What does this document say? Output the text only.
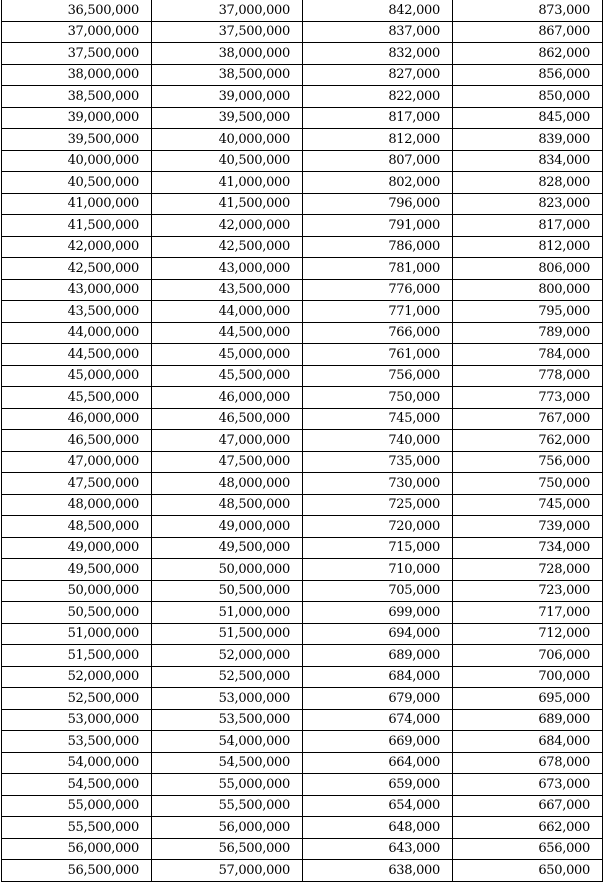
36,500,000	37,000,000	842,000	873,000
37,000,000	37,500,000	837,000	867,000
37,500,000	38,000,000	832,000	862,000
38,000,000	38,500,000	827,000	856,000
38,500,000	39,000,000	822,000	850,000
39,000,000	39,500,000	817,000	845,000
39,500,000	40,000,000	812,000	839,000
40,000,000	40,500,000	807,000	834,000
40,500,000	41,000,000	802,000	828,000
41,000,000	41,500,000	796,000	823,000
41,500,000	42,000,000	791,000	817,000
42,000,000	42,500,000	786,000	812,000
42,500,000	43,000,000	781,000	806,000
43,000,000	43,500,000	776,000	800,000
43,500,000	44,000,000	771,000	795,000
44,000,000	44,500,000	766,000	789,000
44,500,000	45,000,000	761,000	784,000
45,000,000	45,500,000	756,000	778,000
45,500,000	46,000,000	750,000	773,000
46,000,000	46,500,000	745,000	767,000
46,500,000	47,000,000	740,000	762,000
47,000,000	47,500,000	735,000	756,000
47,500,000	48,000,000	730,000	750,000
48,000,000	48,500,000	725,000	745,000
48,500,000	49,000,000	720,000	739,000
49,000,000	49,500,000	715,000	734,000
49,500,000	50,000,000	710,000	728,000
50,000,000	50,500,000	705,000	723,000
50,500,000	51,000,000	699,000	717,000
51,000,000	51,500,000	694,000	712,000
51,500,000	52,000,000	689,000	706,000
52,000,000	52,500,000	684,000	700,000
52,500,000	53,000,000	679,000	695,000
53,000,000	53,500,000	674,000	689,000
53,500,000	54,000,000	669,000	684,000
54,000,000	54,500,000	664,000	678,000
54,500,000	55,000,000	659,000	673,000
55,000,000	55,500,000	654,000	667,000
55,500,000	56,000,000	648,000	662,000
56,000,000	56,500,000	643,000	656,000
56,500,000	57,000,000	638,000	650,000
